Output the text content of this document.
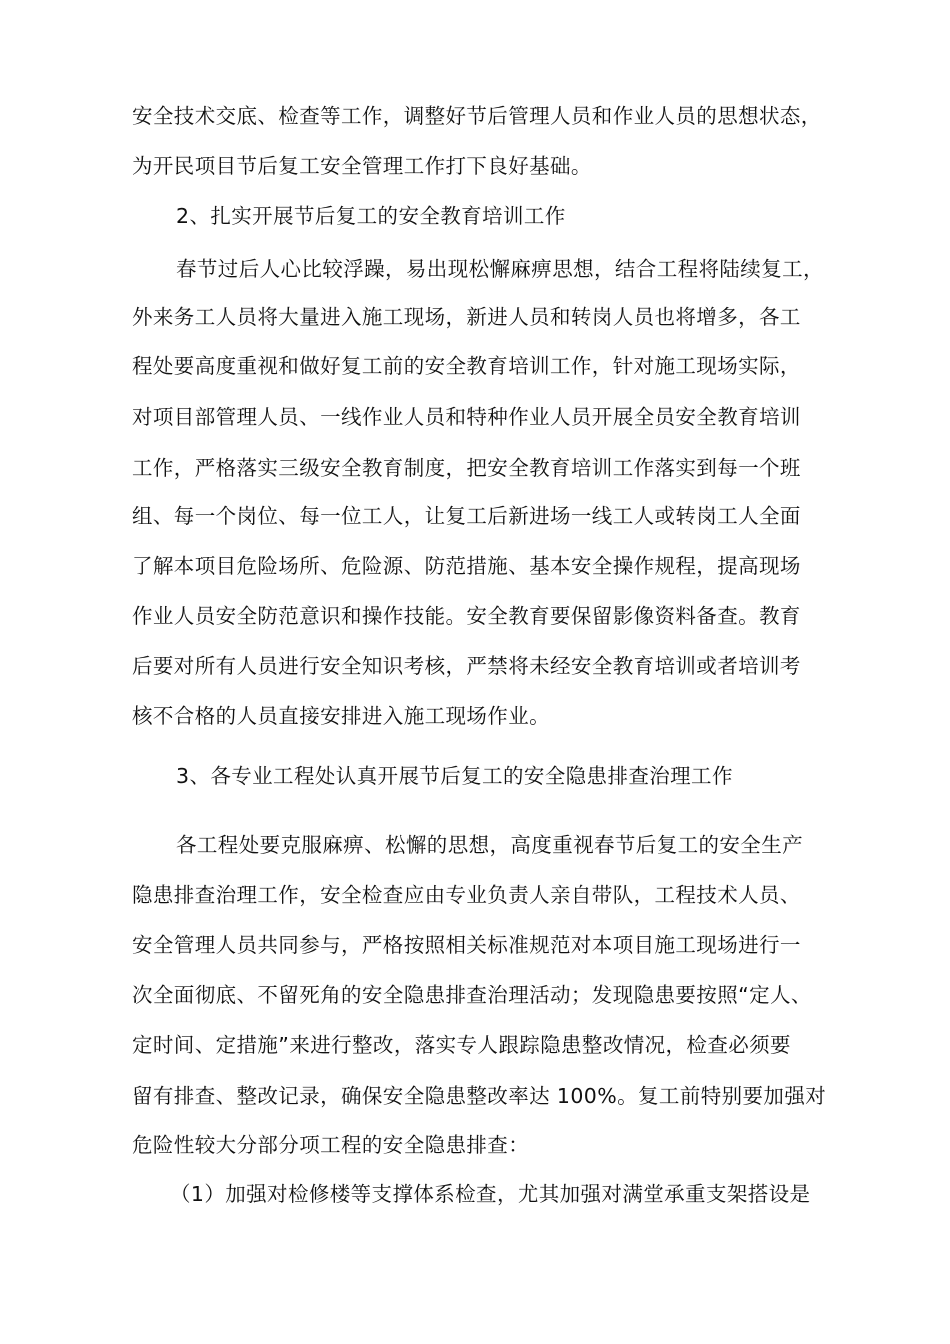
安全技术交底、检查等工作，调整好节后管理人员和作业人员的思想状态，
为开民项目节后复工安全管理工作打下良好基础。
2、扎实开展节后复工的安全教育培训工作
春节过后人心比较浮躁，易出现松懈麻痹思想，结合工程将陆续复工，
外来务工人员将大量进入施工现场，新进人员和转岗人员也将增多，各工
程处要高度重视和做好复工前的安全教育培训工作，针对施工现场实际，
对项目部管理人员、一线作业人员和特种作业人员开展全员安全教育培训
工作，严格落实三级安全教育制度，把安全教育培训工作落实到每一个班
组、每一个岗位、每一位工人，让复工后新进场一线工人或转岗工人全面
了解本项目危险场所、危险源、防范措施、基本安全操作规程，提高现场
作业人员安全防范意识和操作技能。安全教育要保留影像资料备查。教育
后要对所有人员进行安全知识考核，严禁将未经安全教育培训或者培训考
核不合格的人员直接安排进入施工现场作业。
3、各专业工程处认真开展节后复工的安全隐患排查治理工作
各工程处要克服麻痹、松懈的思想，高度重视春节后复工的安全生产
隐患排查治理工作，安全检查应由专业负责人亲自带队，工程技术人员、
安全管理人员共同参与，严格按照相关标准规范对本项目施工现场进行一
次全面彻底、不留死角的安全隐患排查治理活动；发现隐患要按照“定人、
定时间、定措施”来进行整改，落实专人跟踪隐患整改情况，检查必须要
留有排查、整改记录，确保安全隐患整改率达 100%。复工前特别要加强对
危险性较大分部分项工程的安全隐患排查：
（1）加强对检修楼等支撑体系检查，尤其加强对满堂承重支架搭设是
